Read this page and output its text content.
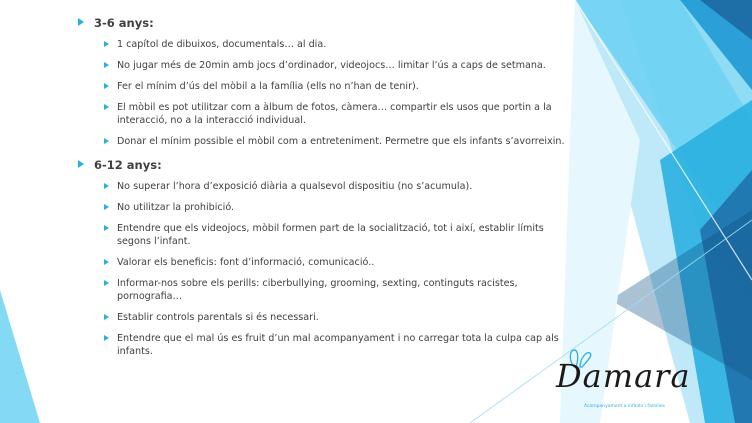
3-6 anys:
1 capítol de dibuixos, documentals… al dia.
No jugar més de 20min amb jocs d’ordinador, videojocs… limitar l’ús a caps de setmana.
Fer el mínim d’ús del mòbil a la família (ells no n’han de tenir).
El mòbil es pot utilitzar com a àlbum de fotos, càmera… compartir els usos que portin a la interacció, no a la interacció individual.
Donar el mínim possible el mòbil com a entreteniment. Permetre que els infants s’avorreixin.
6-12 anys:
No superar l’hora d’exposició diària a qualsevol dispositiu (no s’acumula).
No utilitzar la prohibició.
Entendre que els videojocs, mòbil formen part de la socialització, tot i així, establir límits segons l’infant.
Valorar els beneficis: font d’informació, comunicació..
Informar-nos sobre els perills: ciberbullying, grooming, sexting, continguts racistes, pornografia…
Establir controls parentals si és necessari.
Entendre que el mal ús es fruit d’un mal acompanyament i no carregar tota la culpa cap als infants.
Damara
Acompanyament a infants i famílies
